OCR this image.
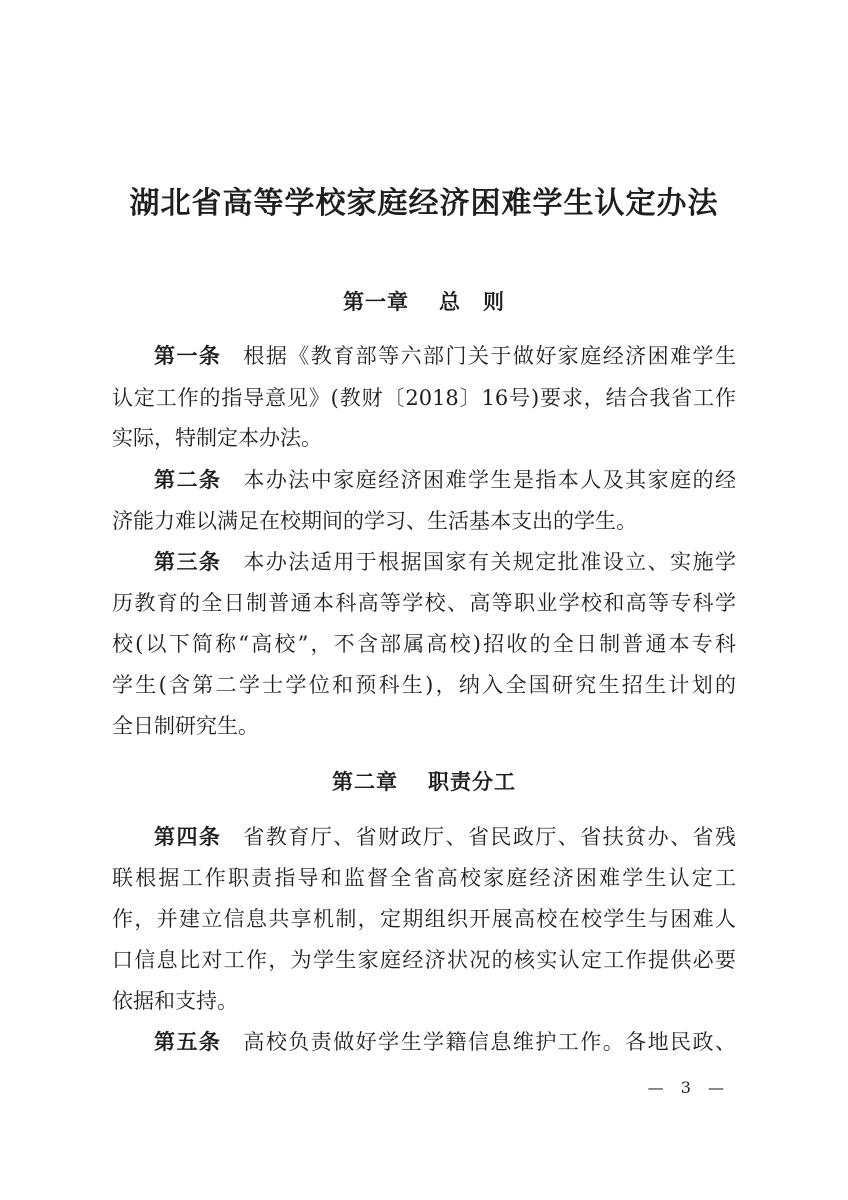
湖北省高等学校家庭经济困难学生认定办法
第一章 总　则
第一条 根据《教育部等六部门关于做好家庭经济困难学生
认定工作的指导意见》(教财〔2018〕16号)要求，结合我省工作
实际，特制定本办法。
第二条 本办法中家庭经济困难学生是指本人及其家庭的经
济能力难以满足在校期间的学习、生活基本支出的学生。
第三条 本办法适用于根据国家有关规定批准设立、实施学
历教育的全日制普通本科高等学校、高等职业学校和高等专科学
校(以下简称“高校”，不含部属高校)招收的全日制普通本专科
学生(含第二学士学位和预科生)，纳入全国研究生招生计划的
全日制研究生。
第二章 职责分工
第四条 省教育厅、省财政厅、省民政厅、省扶贫办、省残
联根据工作职责指导和监督全省高校家庭经济困难学生认定工
作，并建立信息共享机制，定期组织开展高校在校学生与困难人
口信息比对工作，为学生家庭经济状况的核实认定工作提供必要
依据和支持。
第五条 高校负责做好学生学籍信息维护工作。各地民政、
— 3 —
